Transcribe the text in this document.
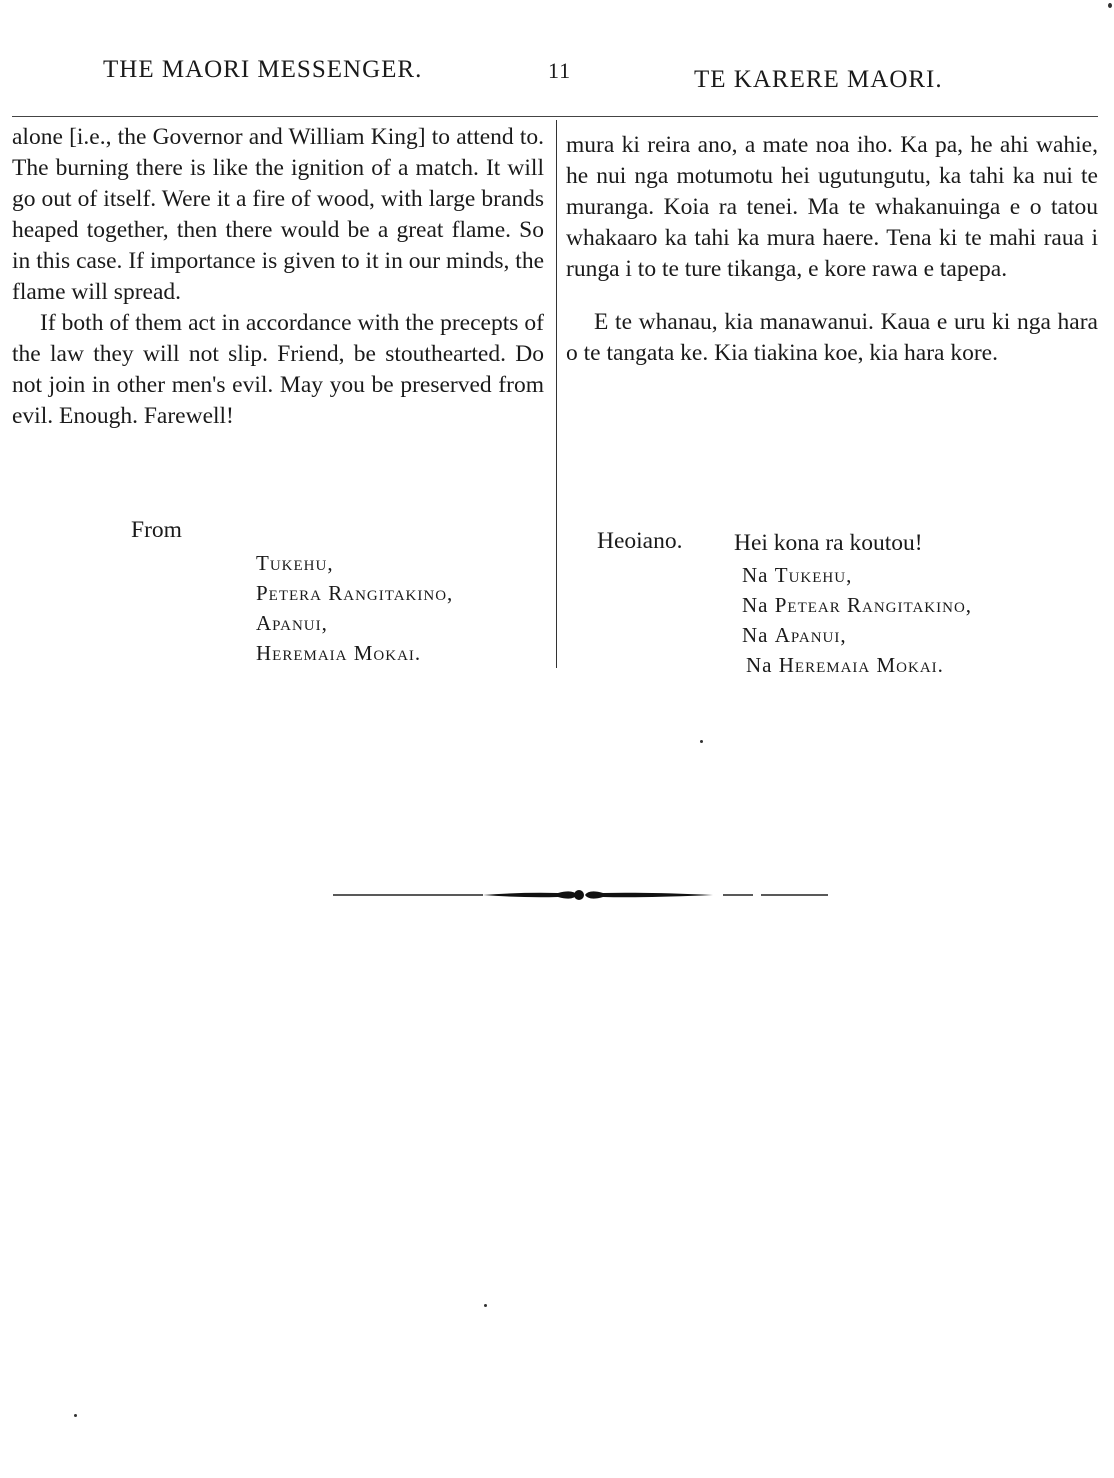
THE MAORI MESSENGER.	11	TE KARERE MAORI.

alone [i.e., the Governor and William King] to attend to. The burning there is like the ignition of a match. It will go out of itself. Were it a fire of wood, with large brands heaped together, then there would be a great flame. So in this case. If importance is given to it in our minds, the flame will spread.

If both of them act in accordance with the precepts of the law they will not slip. Friend, be stouthearted. Do not join in other men's evil. May you be preserved from evil. Enough. Farewell!

From
Tukehu,
Petera Rangitakino,
Apanui,
Heremaia Mokai.

mura ki reira ano, a mate noa iho. Ka pa, he ahi wahie, he nui nga motumotu hei ugutungutu, ka tahi ka nui te muranga. Koia ra tenei. Ma te whakanuinga e o tatou whakaaro ka tahi ka mura haere. Tena ki te mahi raua i runga i to te ture tikanga, e kore rawa e tapepa.

E te whanau, kia manawanui. Kaua e uru ki nga hara o te tangata ke. Kia tiakina koe, kia hara kore.

Heoiano. Hei kona ra koutou!
Na Tukehu,
Na Petear Rangitakino,
Na Apanui,
Na Heremaia Mokai.
